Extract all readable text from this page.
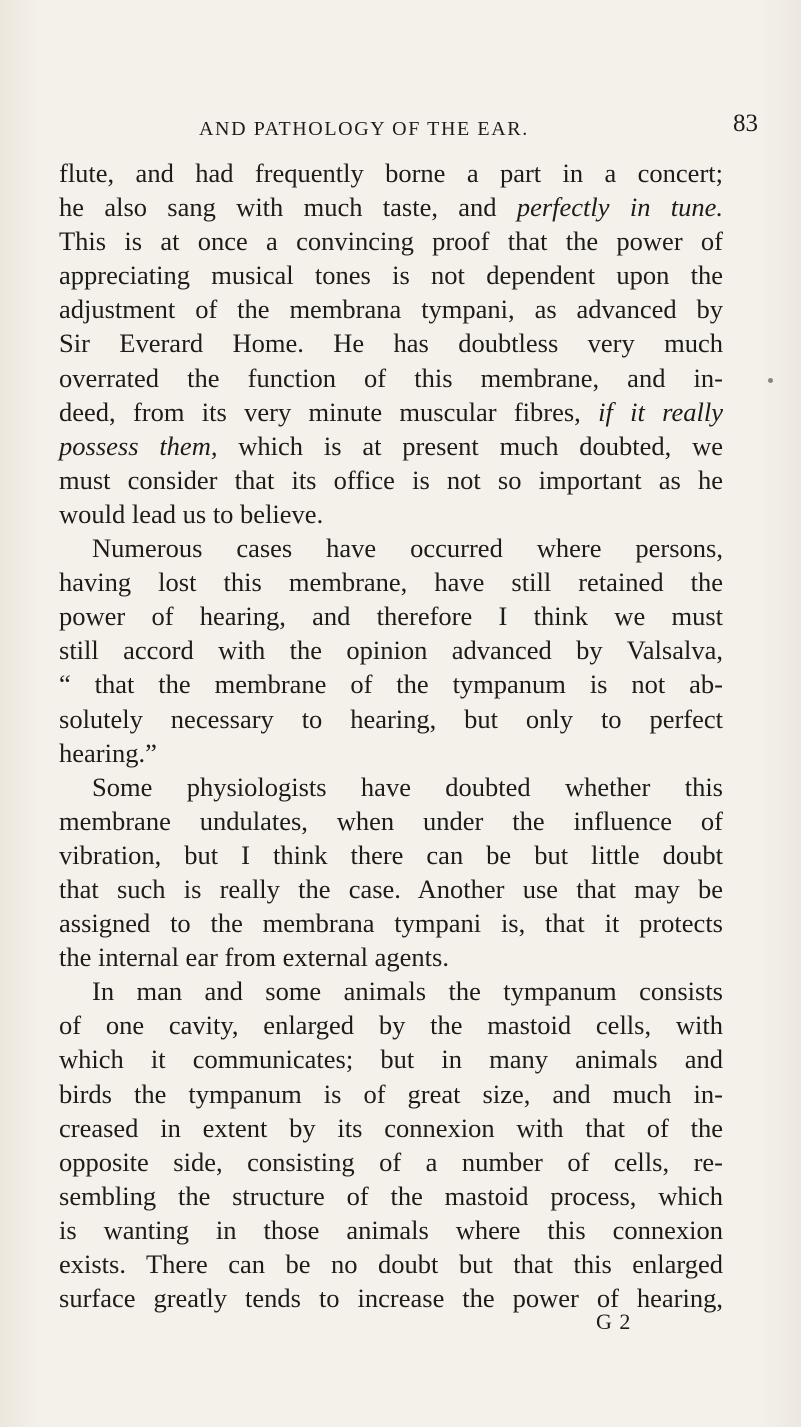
AND PATHOLOGY OF THE EAR.	83
flute, and had frequently borne a part in a concert;
he also sang with much taste, and perfectly in tune.
This is at once a convincing proof that the power of
appreciating musical tones is not dependent upon the
adjustment of the membrana tympani, as advanced by
Sir Everard Home. He has doubtless very much
overrated the function of this membrane, and in-
deed, from its very minute muscular fibres, if it really
possess them, which is at present much doubted, we
must consider that its office is not so important as he
would lead us to believe.
Numerous cases have occurred where persons,
having lost this membrane, have still retained the
power of hearing, and therefore I think we must
still accord with the opinion advanced by Valsalva,
“ that the membrane of the tympanum is not ab-
solutely necessary to hearing, but only to perfect
hearing.”
Some physiologists have doubted whether this
membrane undulates, when under the influence of
vibration, but I think there can be but little doubt
that such is really the case. Another use that may be
assigned to the membrana tympani is, that it protects
the internal ear from external agents.
In man and some animals the tympanum consists
of one cavity, enlarged by the mastoid cells, with
which it communicates; but in many animals and
birds the tympanum is of great size, and much in-
creased in extent by its connexion with that of the
opposite side, consisting of a number of cells, re-
sembling the structure of the mastoid process, which
is wanting in those animals where this connexion
exists. There can be no doubt but that this enlarged
surface greatly tends to increase the power of hearing,
G 2
